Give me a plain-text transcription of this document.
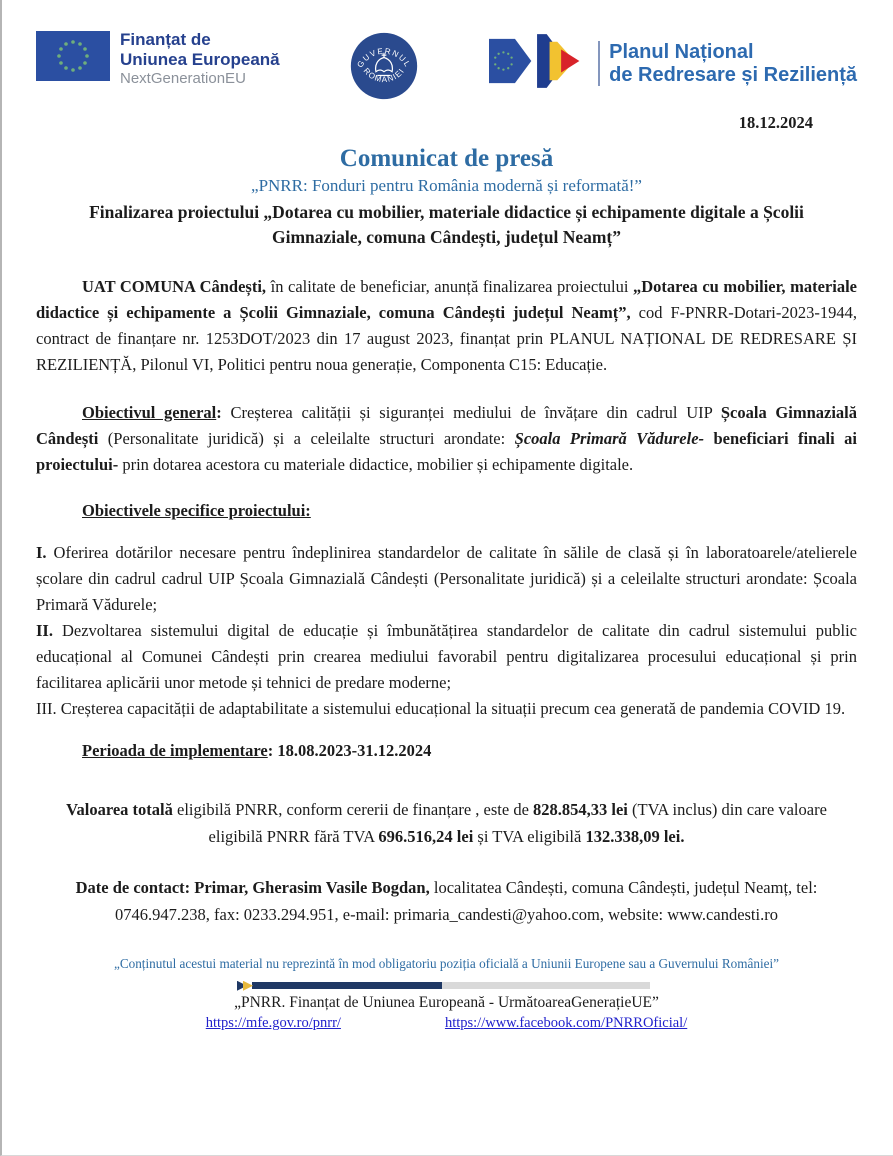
Finanțat de
Uniunea Europeană
NextGenerationEU
GUVERNUL
ROMÂNIEI
Planul Național
de Redresare și Reziliență
18.12.2024
Comunicat de presă
„PNRR: Fonduri pentru România modernă și reformată!”
Finalizarea proiectului „Dotarea cu mobilier, materiale didactice și echipamente digitale a Școlii Gimnaziale, comuna Cândești, județul Neamț”

UAT COMUNA Cândești, în calitate de beneficiar, anunță finalizarea proiectului „Dotarea cu mobilier, materiale didactice și echipamente a Școlii Gimnaziale, comuna Cândești județul Neamț”, cod F-PNRR-Dotari-2023-1944, contract de finanțare nr. 1253DOT/2023 din 17 august 2023, finanțat prin PLANUL NAȚIONAL DE REDRESARE ȘI REZILIENȚĂ, Pilonul VI, Politici pentru noua generație, Componenta C15: Educație.

Obiectivul general: Creșterea calității și siguranței mediului de învățare din cadrul UIP Școala Gimnazială Cândești (Personalitate juridică) și a celeilalte structuri arondate: Școala Primară Vădurele- beneficiari finali ai proiectului- prin dotarea acestora cu materiale didactice, mobilier și echipamente digitale.

Obiectivele specifice proiectului:

I. Oferirea dotărilor necesare pentru îndeplinirea standardelor de calitate în sălile de clasă și în laboratoarele/atelierele școlare din cadrul cadrul UIP Școala Gimnazială Cândești (Personalitate juridică) și a celeilalte structuri arondate: Școala Primară Vădurele;

II. Dezvoltarea sistemului digital de educație și îmbunătățirea standardelor de calitate din cadrul sistemului public educațional al Comunei Cândești prin crearea mediului favorabil pentru digitalizarea procesului educațional și prin facilitarea aplicării unor metode și tehnici de predare moderne;

III. Creșterea capacității de adaptabilitate a sistemului educațional la situații precum cea generată de pandemia COVID 19.

Perioada de implementare: 18.08.2023-31.12.2024

Valoarea totală eligibilă PNRR, conform cererii de finanțare , este de 828.854,33 lei (TVA inclus) din care valoare eligibilă PNRR fără TVA 696.516,24 lei și TVA eligibilă 132.338,09 lei.

Date de contact: Primar, Gherasim Vasile Bogdan, localitatea Cândești, comuna Cândești, județul Neamț, tel: 0746.947.238, fax: 0233.294.951, e-mail: primaria_candesti@yahoo.com, website: www.candesti.ro

„Conținutul acestui material nu reprezintă în mod obligatoriu poziția oficială a Uniunii Europene sau a Guvernului României”
„PNRR. Finanțat de Uniunea Europeană - UrmătoareaGenerațieUE”
https://mfe.gov.ro/pnrr/	https://www.facebook.com/PNRROficial/
